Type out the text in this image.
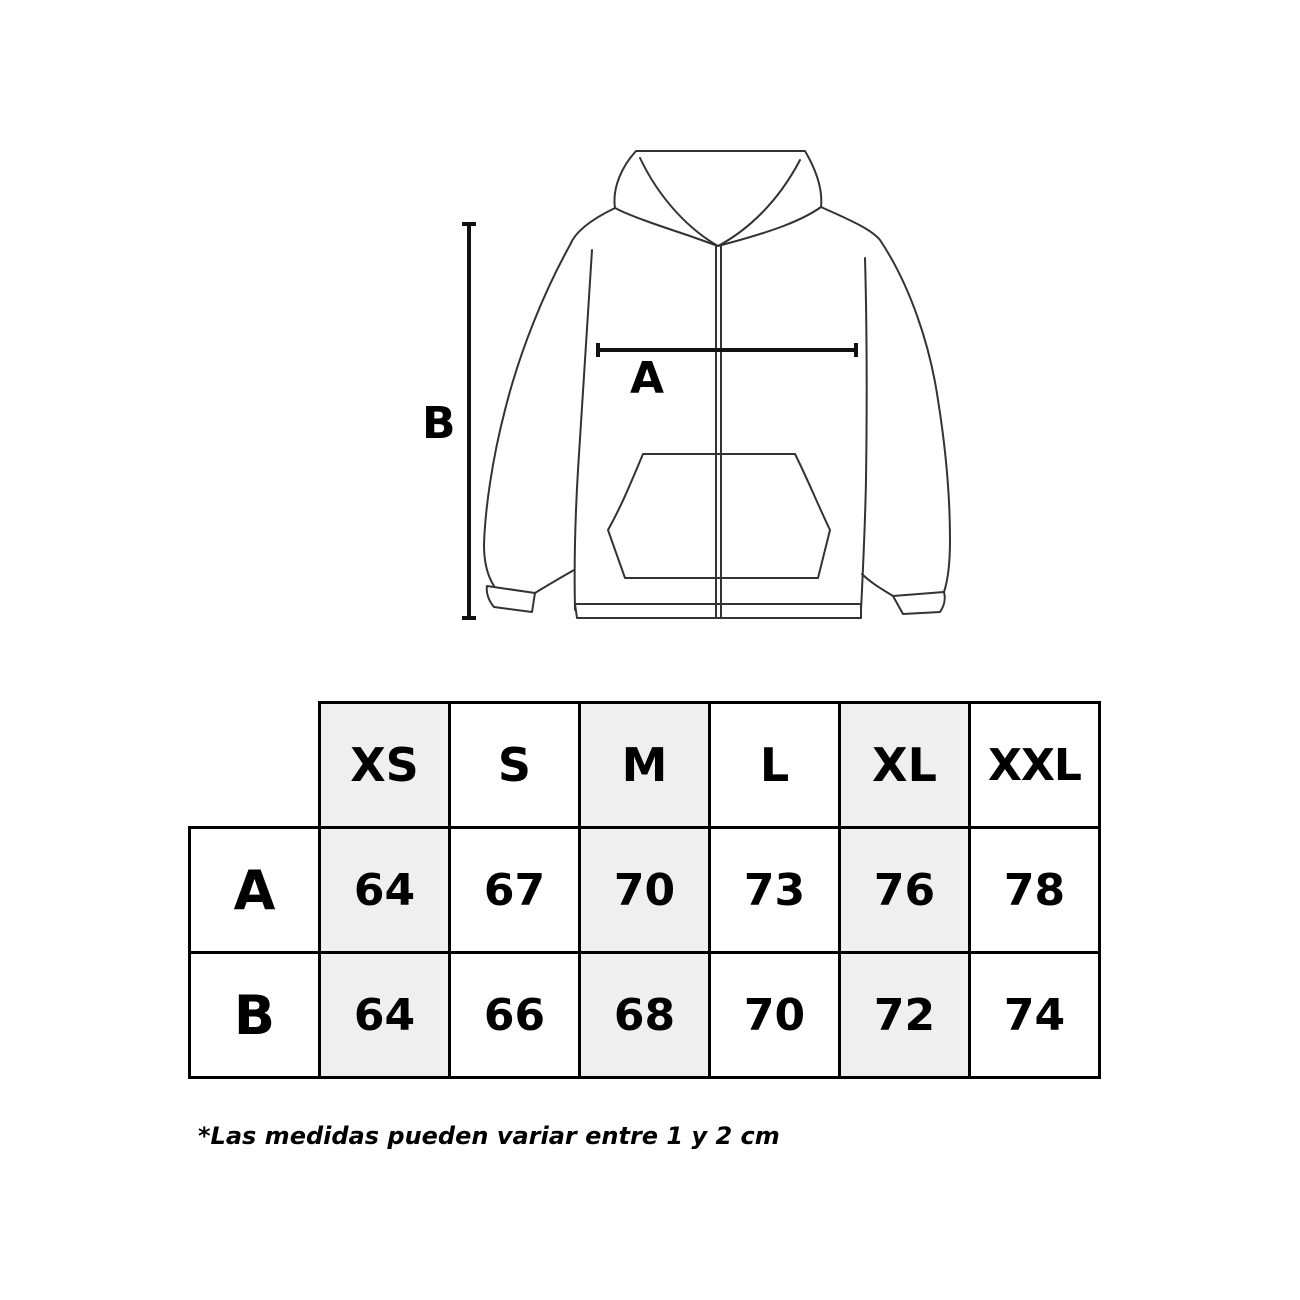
A
B
	XS	S	M	L	XL	XXL
A	64	67	70	73	76	78
B	64	66	68	70	72	74
*Las medidas pueden variar entre 1 y 2 cm
